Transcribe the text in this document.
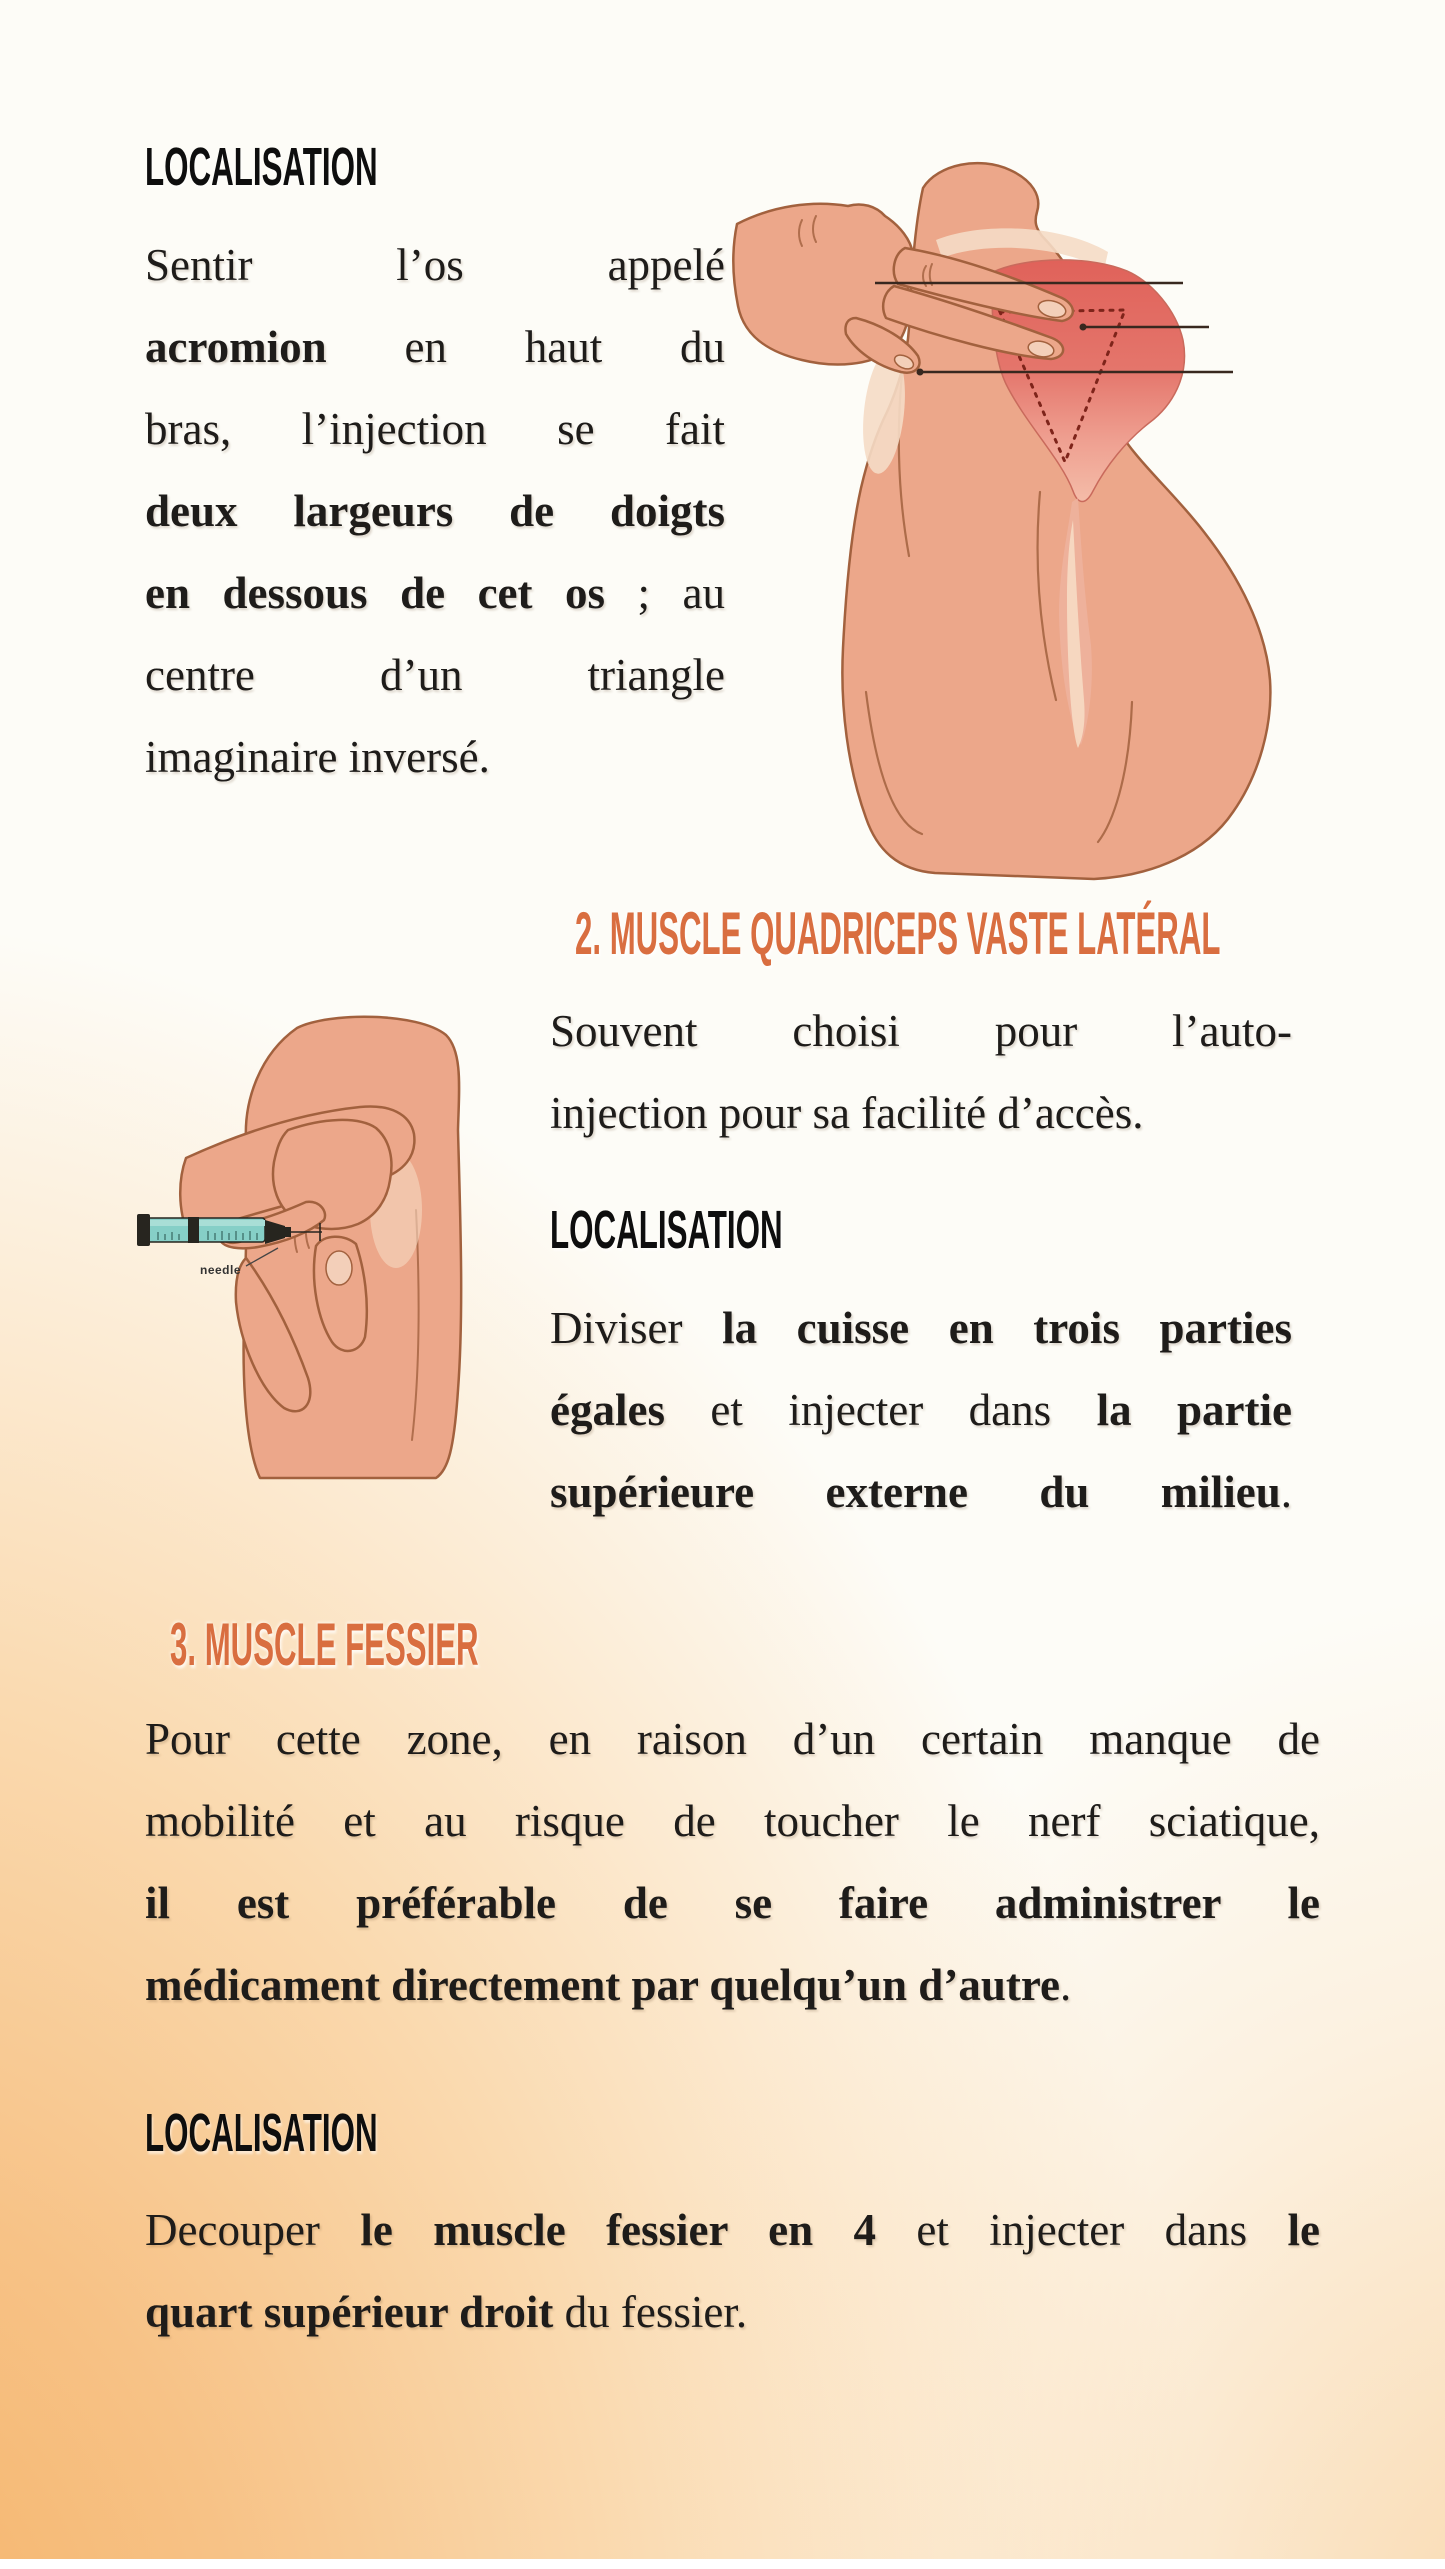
LOCALISATION
Sentir l’os appelé
acromion en haut du
bras, l’injection se fait
deux largeurs de doigts
en dessous de cet os ; au
centre d’un triangle
imaginaire inversé.
2. MUSCLE QUADRICEPS VASTE LATÉRAL
Souvent choisi pour l’auto-
injection pour sa facilité d’accès.
LOCALISATION
Diviser la cuisse en trois parties
égales et injecter dans la partie
supérieure externe du milieu.
needle
3. MUSCLE FESSIER
Pour cette zone, en raison d’un certain manque de
mobilité et au risque de toucher le nerf sciatique,
il est préférable de se faire administrer le
médicament directement par quelqu’un d’autre.
LOCALISATION
Decouper le muscle fessier en 4 et injecter dans le
quart supérieur droit du fessier.
